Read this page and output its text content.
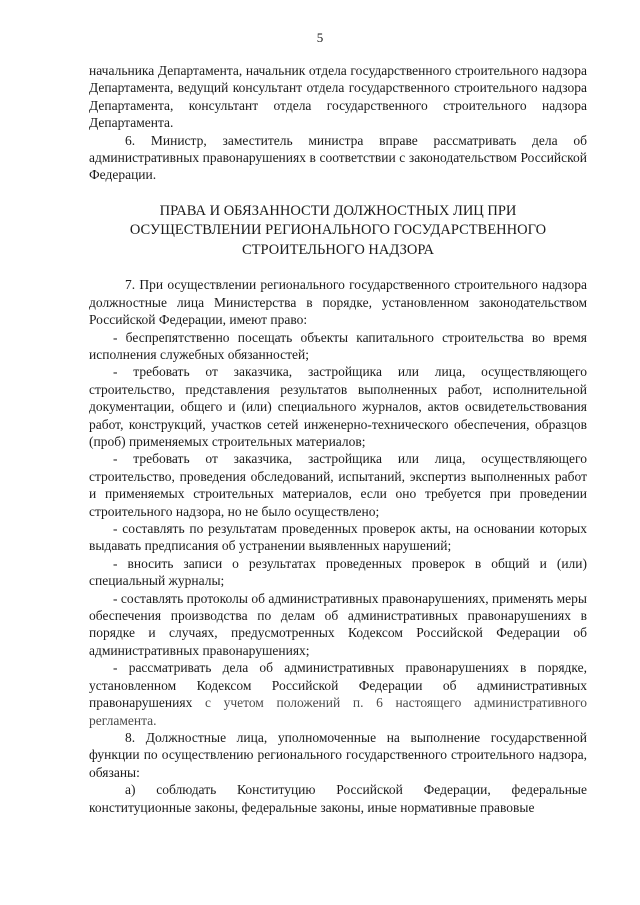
5

начальника Департамента, начальник отдела государственного строительного надзора Департамента, ведущий консультант отдела государственного строительного надзора Департамента, консультант отдела государственного строительного надзора Департамента.

6. Министр, заместитель министра вправе рассматривать дела об административных правонарушениях в соответствии с законодательством Российской Федерации.

ПРАВА И ОБЯЗАННОСТИ ДОЛЖНОСТНЫХ ЛИЦ ПРИ
ОСУЩЕСТВЛЕНИИ РЕГИОНАЛЬНОГО ГОСУДАРСТВЕННОГО
СТРОИТЕЛЬНОГО НАДЗОРА

7. При осуществлении регионального государственного строительного надзора должностные лица Министерства в порядке, установленном законодательством Российской Федерации, имеют право:

- беспрепятственно посещать объекты капитального строительства во время исполнения служебных обязанностей;

- требовать от заказчика, застройщика или лица, осуществляющего строительство, представления результатов выполненных работ, исполнительной документации, общего и (или) специального журналов, актов освидетельствования работ, конструкций, участков сетей инженерно-технического обеспечения, образцов (проб) применяемых строительных материалов;

- требовать от заказчика, застройщика или лица, осуществляющего строительство, проведения обследований, испытаний, экспертиз выполненных работ и применяемых строительных материалов, если оно требуется при проведении строительного надзора, но не было осуществлено;

- составлять по результатам проведенных проверок акты, на основании которых выдавать предписания об устранении выявленных нарушений;

- вносить записи о результатах проведенных проверок в общий и (или) специальный журналы;

- составлять протоколы об административных правонарушениях, применять меры обеспечения производства по делам об административных правонарушениях в порядке и случаях, предусмотренных Кодексом Российской Федерации об административных правонарушениях;

- рассматривать дела об административных правонарушениях в порядке, установленном Кодексом Российской Федерации об административных правонарушениях с учетом положений п. 6 настоящего административного регламента.

8. Должностные лица, уполномоченные на выполнение государственной функции по осуществлению регионального государственного строительного надзора, обязаны:

а) соблюдать Конституцию Российской Федерации, федеральные конституционные законы, федеральные законы, иные нормативные правовые
